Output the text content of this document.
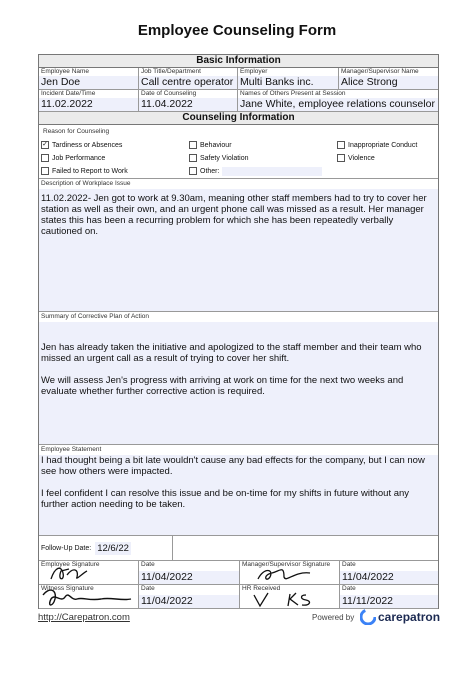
Employee Counseling Form
Basic Information
Employee Name
Jen Doe
Job Title/Department
Call centre operator
Employer
Multi Banks inc.
Manager/Supervisor Name
Alice Strong
Incident Date/Time
11.02.2022
Date of Counseling
11.04.2022
Names of Others Present at Session
Jane White, employee relations counselor
Counseling Information
Reason for Counseling
✓ Tardiness or Absences	Behaviour	Inappropriate Conduct
Job Performance	Safety Violation	Violence
Failed to Report to Work	Other:
Description of Workplace Issue

11.02.2022- Jen got to work at 9.30am, meaning other staff members had to try to cover her station as well as their own, and an urgent phone call was missed as a result. Her manager states this has been a recurring problem for which she has been repeatedly verbally cautioned on.

Summary of Corrective Plan of Action

Jen has already taken the initiative and apologized to the staff member and their team who missed an urgent call as a result of trying to cover her shift.

We will assess Jen's progress with arriving at work on time for the next two weeks and evaluate whether further corrective action is required.

Employee Statement

I had thought being a bit late wouldn't cause any bad effects for the company, but I can now see how others were impacted.

I feel confident I can resolve this issue and be on-time for my shifts in future without any further action needing to be taken.

Follow-Up Date: 12/6/22
Employee Signature	Date
11/04/2022
Manager/Supervisor Signature	Date
11/04/2022
Witness Signature	Date
11/04/2022
HR Received	Date
11/11/2022
http://Carepatron.com	Powered by carepatron
